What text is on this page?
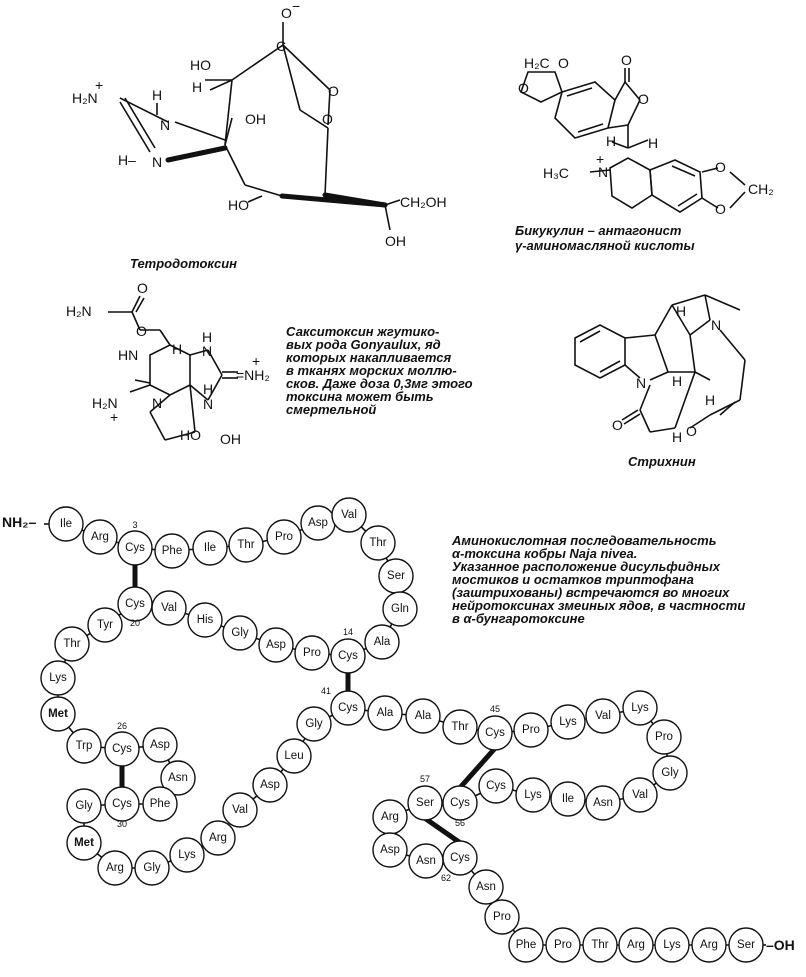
O −
HO
C
H	O
H₂N
+
H
N	OH
H– N
O
HO	CH₂OH
OH
Тетродотоксин
H₂C
O
O	O
O
H H
H₃C N
+	O
O
CH₂
Бикукулин – антагонист
γ-аминомасляной кислоты
H₂N
O
O
HN H
H
N
=NH₂
+
H₂N
+
N	N
H
HO OH
Сакситоксин жгутико-
вых рода Gonyaulux, яд
которых накапливается
в тканях морских моллю-
сков. Даже доза 0,3мг этого
токсина может быть
смертельной
H
N
N H
H
O
H O
Стрихнин
Аминокислотная последовательность
α-токсина кобры Naja nivea.
Указанное расположение дисульфидных
мостиков и остатков триптофана
(заштрихованы) встречаются во многих
нейротоксинах змеиных ядов, в частности
в α-бунгаротоксине
Ile
Arg
Cys Phe Ile Thr
Pro
Asp
Val
Thr
Ser
Gln
Ala
Cys
Pro
Asp
Gly
His
Val
Cys
Tyr
Thr
Lys
Met
Trp Cys Asp
Asn
Phe
Cys
Gly
Met
Arg Gly
Lys
Arg
Val
Asp
Leu
Gly
Cys Ala Ala
Thr Cys Pro
Lys Val
Lys
Pro
Gly
Val
Asn
Ile
Lys
Cys
Cys
Ser
Arg
Asp
Asn Cys
Asn
Pro
Phe Pro Thr Arg Lys Arg Ser
3
20
14
26
30
41
45
57
56
62
NH₂–
–OH
